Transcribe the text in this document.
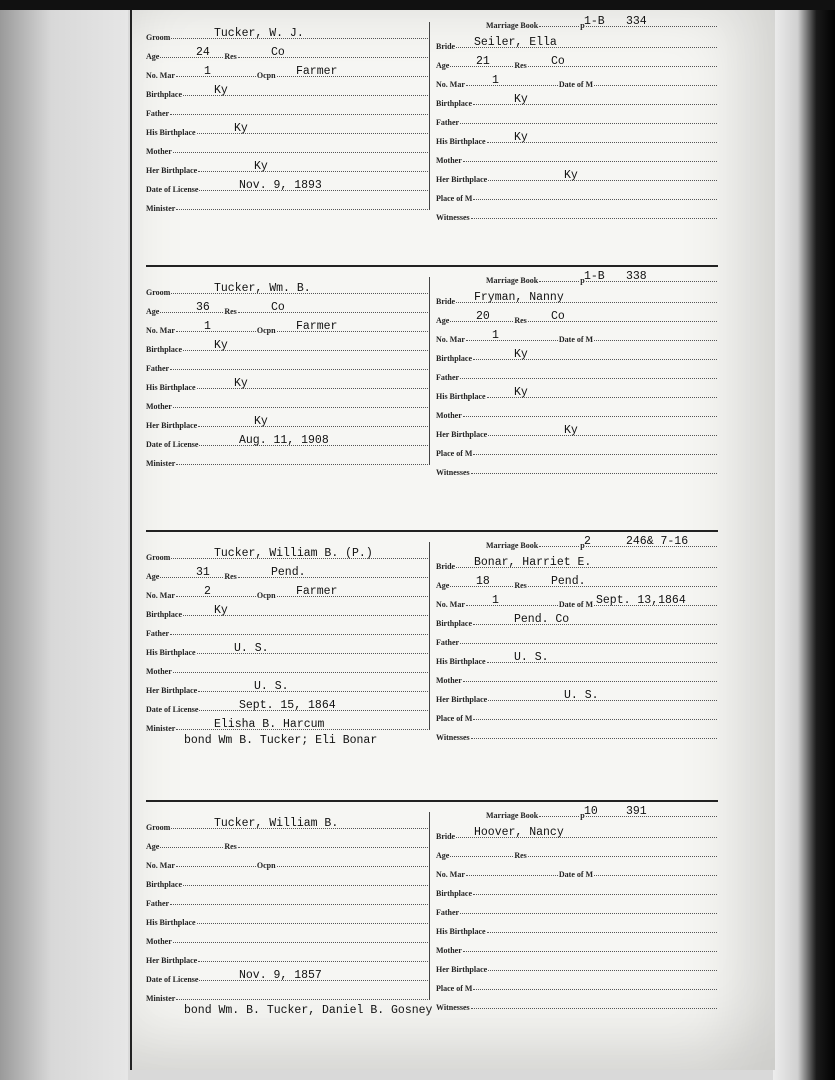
Groom	Tucker, W. J.
Age	24 Res	Co
No. Mar	1	Ocpn Farmer
Birthplace	Ky
Father
His Birthplace	Ky
Mother
Her Birthplace	Ky
Date of License	Nov. 9, 1893
Minister
Marriage Book	p 1-B 334
Bride Seiler, Ella
Age 21	Res Co
No. Mar 1	Date of M
Birthplace	Ky
Father
His Birthplace Ky
Mother
Her Birthplace	Ky
Place of M
Witnesses
Groom	Tucker, Wm. B.
Age	36 Res	Co
No. Mar	1	Ocpn Farmer
Birthplace	Ky
Father
His Birthplace	Ky
Mother
Her Birthplace	Ky
Date of License	Aug. 11, 1908
Minister
Marriage Book	p 1-B 338
Bride Fryman, Nanny
Age 20	Res Co
No. Mar 1	Date of M
Birthplace	Ky
Father
His Birthplace Ky
Mother
Her Birthplace	Ky
Place of M
Witnesses
Groom	Tucker, William B. (P.)
Age	31 Res	Pend.
No. Mar	2	Ocpn Farmer
Birthplace	Ky
Father
His Birthplace	U. S.
Mother
Her Birthplace	U. S.
Date of License	Sept. 15, 1864
Minister	Elisha B. Harcum
Marriage Book	p 2	246& 7-16
Bride Bonar, Harriet E.
Age 18	Res Pend.
No. Mar 1	Date of M Sept. 13,1864
Birthplace	Pend. Co
Father
His Birthplace U. S.
Mother
Her Birthplace	U. S.
Place of M
Witnesses
bond Wm B. Tucker; Eli Bonar
Groom	Tucker, William B.
Age	Res
No. Mar	Ocpn
Birthplace
Father
His Birthplace
Mother
Her Birthplace
Date of License	Nov. 9, 1857
Minister
Marriage Book	p 10 391
Bride Hoover, Nancy
Age	Res
No. Mar	Date of M
Birthplace
Father
His Birthplace
Mother
Her Birthplace
Place of M
Witnesses
bond Wm. B. Tucker, Daniel B. Gosney
